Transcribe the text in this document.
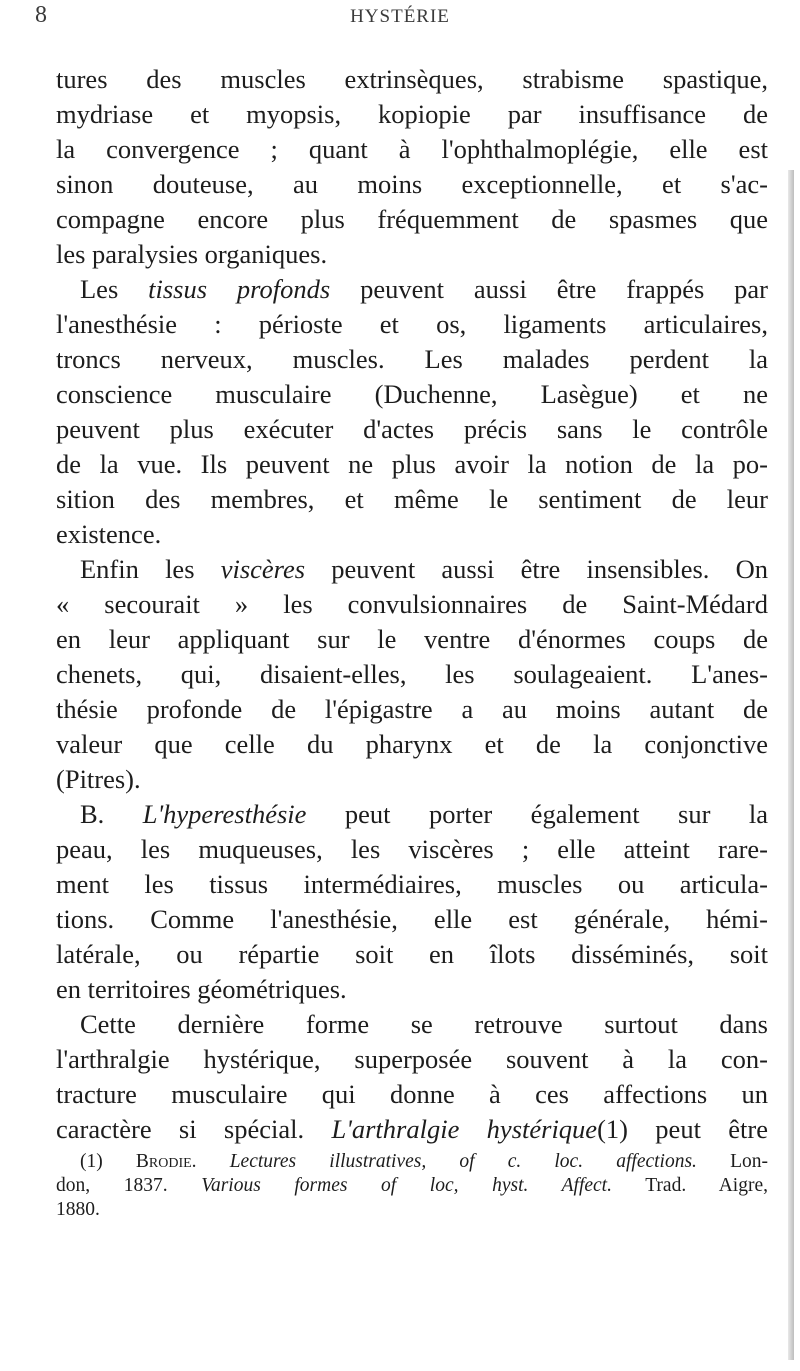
8	HYSTÉRIE

tures des muscles extrinsèques, strabisme spastique,
mydriase et myopsis, kopiopie par insuffisance de
la convergence ; quant à l'ophthalmoplégie, elle est
sinon douteuse, au moins exceptionnelle, et s'ac-
compagne encore plus fréquemment de spasmes que
les paralysies organiques.

Les tissus profonds peuvent aussi être frappés par
l'anesthésie : périoste et os, ligaments articulaires,
troncs nerveux, muscles. Les malades perdent la
conscience musculaire (Duchenne, Lasègue) et ne
peuvent plus exécuter d'actes précis sans le contrôle
de la vue. Ils peuvent ne plus avoir la notion de la po-
sition des membres, et même le sentiment de leur
existence.

Enfin les viscères peuvent aussi être insensibles. On
« secourait » les convulsionnaires de Saint-Médard
en leur appliquant sur le ventre d'énormes coups de
chenets, qui, disaient-elles, les soulageaient. L'anes-
thésie profonde de l'épigastre a au moins autant de
valeur que celle du pharynx et de la conjonctive
(Pitres).

B. L'hyperesthésie peut porter également sur la
peau, les muqueuses, les viscères ; elle atteint rare-
ment les tissus intermédiaires, muscles ou articula-
tions. Comme l'anesthésie, elle est générale, hémi-
latérale, ou répartie soit en îlots disséminés, soit
en territoires géométriques.

Cette dernière forme se retrouve surtout dans
l'arthralgie hystérique, superposée souvent à la con-
tracture musculaire qui donne à ces affections un
caractère si spécial. L'arthralgie hystérique(1) peut être

(1) Brodie. Lectures illustratives, of c. loc. affections. Lon-
don, 1837. Various formes of loc, hyst. Affect. Trad. Aigre,
1880.
